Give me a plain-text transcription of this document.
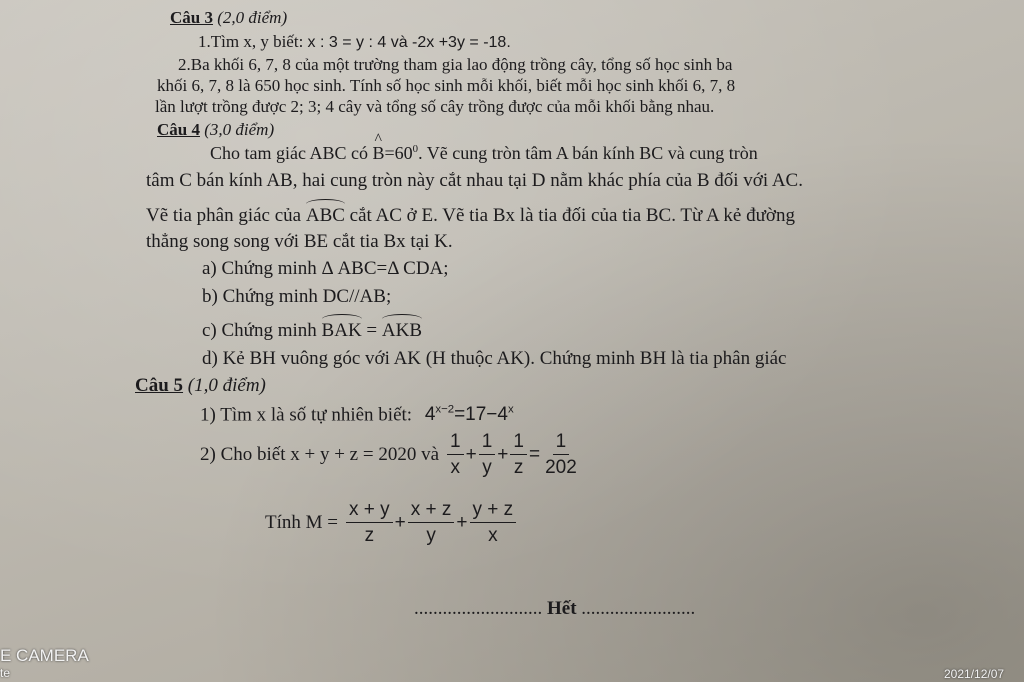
Câu 3 (2,0 điểm)
1.Tìm x, y biết: x : 3 = y : 4 và -2x +3y = -18.
2.Ba khối 6, 7, 8 của một trường tham gia lao động trồng cây, tổng số học sinh ba
khối 6, 7, 8 là 650 học sinh. Tính số học sinh mỗi khối, biết mỗi học sinh khối 6, 7, 8
lần lượt trồng được 2; 3; 4 cây và tổng số cây trồng được của mỗi khối bằng nhau.
Câu 4 (3,0 điểm)
Cho tam giác ABC có ^ $B=60^0$. Vẽ cung tròn tâm A bán kính BC và cung tròn
tâm C bán kính AB, hai cung tròn này cắt nhau tại D nằm khác phía của B đối với AC.
Vẽ tia phân giác của ABC cắt AC ở E. Vẽ tia Bx là tia đối của tia BC. Từ A kẻ đường
thẳng song song với BE cắt tia Bx tại K.
a) Chứng minh Δ ABC=Δ CDA;
b) Chứng minh DC//AB;
c) Chứng minh BAK = AKB
d) Kẻ BH vuông góc với AK (H thuộc AK). Chứng minh BH là tia phân giác
Câu 5 (1,0 điểm)
1) Tìm x là số tự nhiên biết: $4^{x-2}=17-4^x$
2) Cho biết x + y + z = 2020 và $\frac{1}{x} + \frac{1}{y} + \frac{1}{z} = \frac{1}{202}$
Tính $M = \frac{x + y}{z} + \frac{x + z}{y} + \frac{y + z}{x}$
........................... Hết ........................
E CAMERA
te	2021/12/07
